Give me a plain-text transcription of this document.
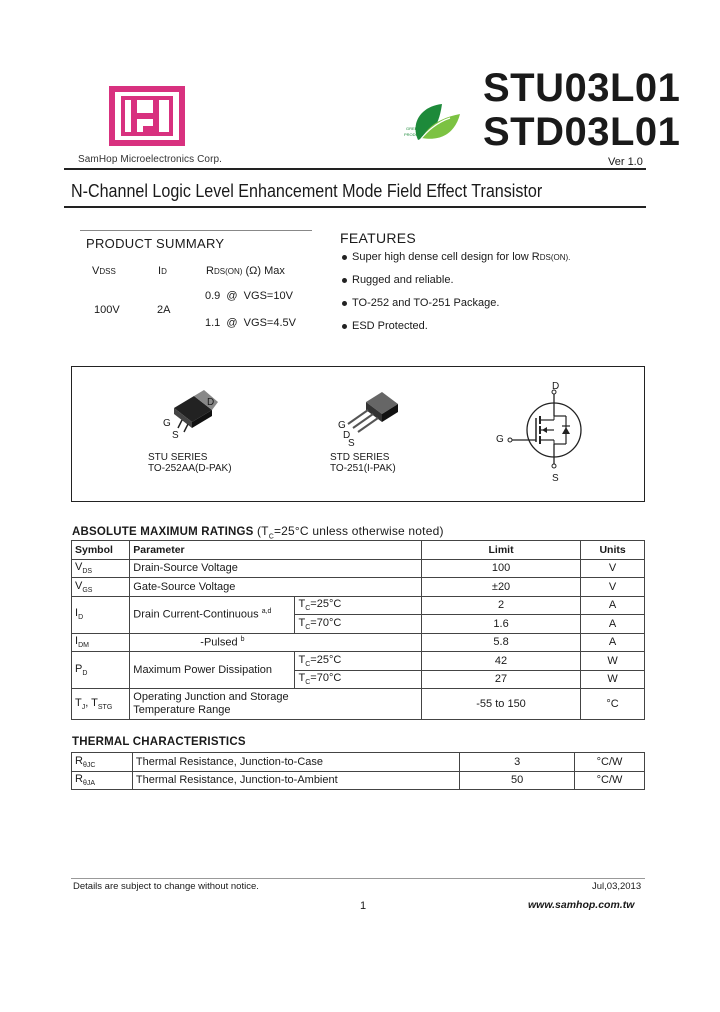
SamHop Microelectronics Corp.
GREEN
PRODUCT
STU03L01
STD03L01
Ver 1.0
N-Channel Logic Level Enhancement Mode Field Effect Transistor
PRODUCT SUMMARY
VDSS	ID	RDS(ON) (Ω) Max
100V	2A
0.9  @  VGS=10V
1.1  @  VGS=4.5V
FEATURES
Super high dense cell design for low RDS(ON).
Rugged and reliable.
TO-252 and TO-251 Package.
ESD Protected.
D
G
S
STU SERIES
TO-252AA(D-PAK)
G
D
S
STD SERIES
TO-251(I-PAK)
D
G
S
ABSOLUTE MAXIMUM RATINGS ($T_C=25^\circ C$ unless otherwise noted)
Symbol	Parameter		Limit	Units
$V_{DS}$	Drain-Source Voltage		100	V
$V_{GS}$	Gate-Source Voltage		±20	V
$I_D$	Drain Current-Continuous $^{a,d}$	$T_C=25^\circ C$	2	A
		$T_C=70^\circ C$	1.6	A
$I_{DM}$	-Pulsed $^b$		5.8	A
$P_D$	Maximum Power Dissipation	$T_C=25^\circ C$	42	W
		$T_C=70^\circ C$	27	W
$T_J$, $T_{STG}$	Operating Junction and Storage
Temperature Range		-55 to 150	°C
THERMAL CHARACTERISTICS
$R_{\theta JC}$	Thermal Resistance, Junction-to-Case	3	°C/W
$R_{\theta JA}$	Thermal Resistance, Junction-to-Ambient	50	°C/W
Details are subject to change without notice.	Jul,03,2013
1	www.samhop.com.tw
